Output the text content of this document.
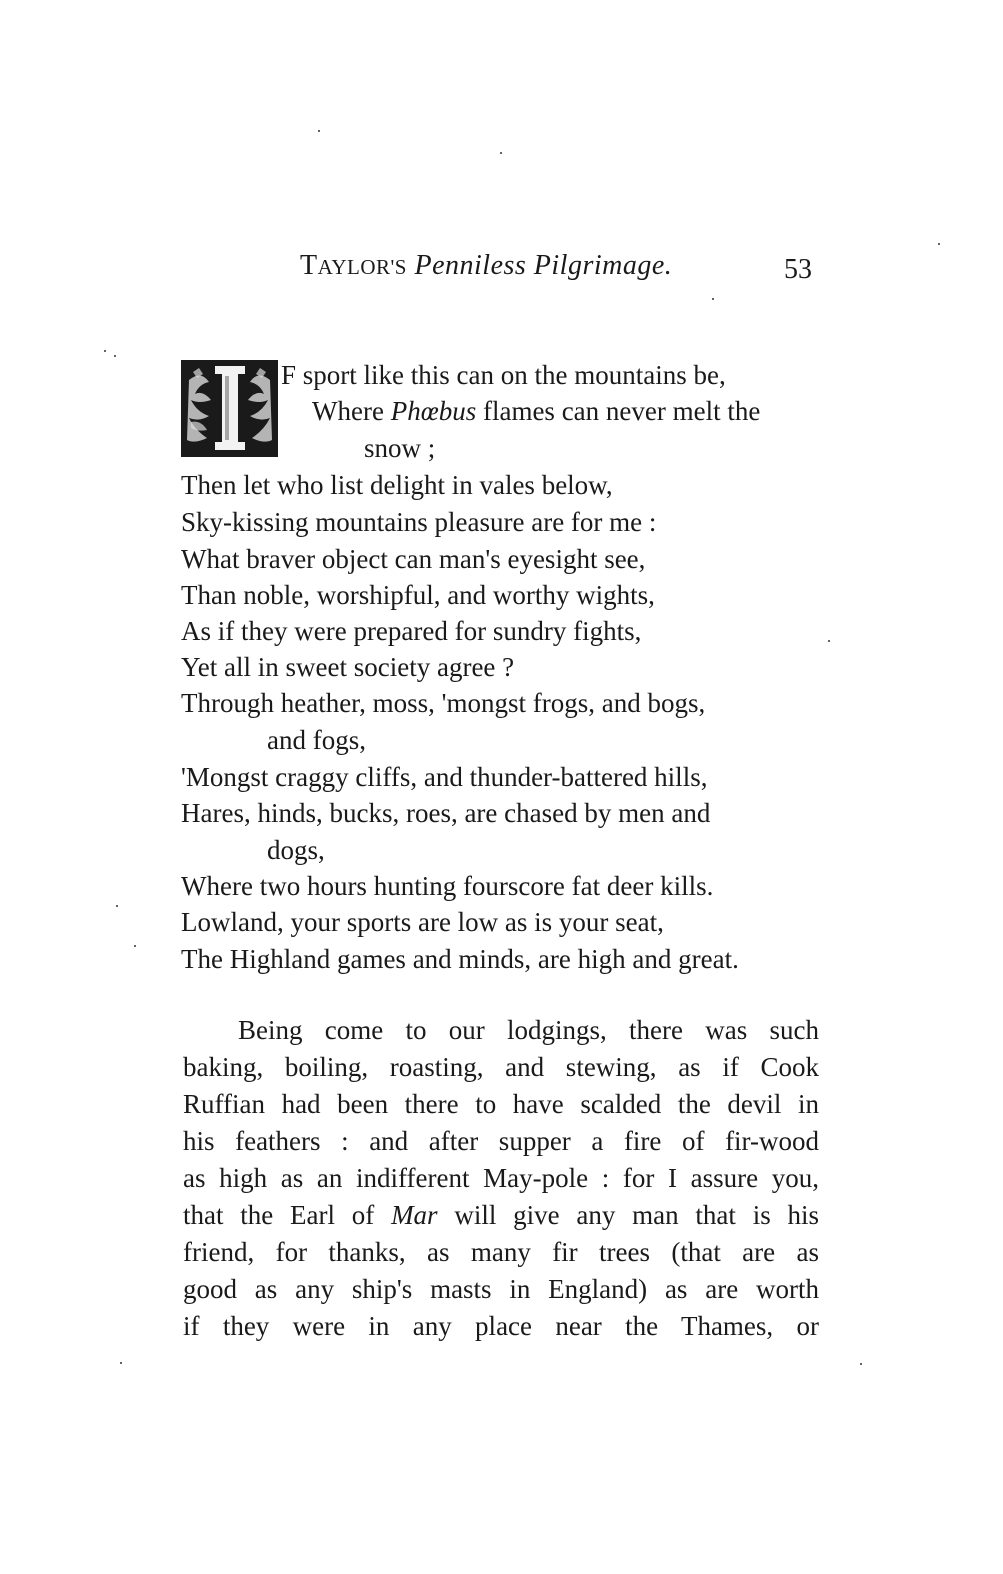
TAYLOR'S Penniless Pilgrimage.	53
F sport like this can on the mountains be,
Where Phœbus flames can never melt the
snow ;
Then let who list delight in vales below,
Sky-kissing mountains pleasure are for me :
What braver object can man's eyesight see,
Than noble, worshipful, and worthy wights,
As if they were prepared for sundry fights,
Yet all in sweet society agree ?
Through heather, moss, 'mongst frogs, and bogs,
and fogs,
'Mongst craggy cliffs, and thunder-battered hills,
Hares, hinds, bucks, roes, are chased by men and
dogs,
Where two hours hunting fourscore fat deer kills.
Lowland, your sports are low as is your seat,
The Highland games and minds, are high and great.
Being come to our lodgings, there was such
baking, boiling, roasting, and stewing, as if Cook
Ruffian had been there to have scalded the devil in
his feathers : and after supper a fire of fir-wood
as high as an indifferent May-pole : for I assure you,
that the Earl of Mar will give any man that is his
friend, for thanks, as many fir trees (that are as
good as any ship's masts in England) as are worth
if they were in any place near the Thames, or
